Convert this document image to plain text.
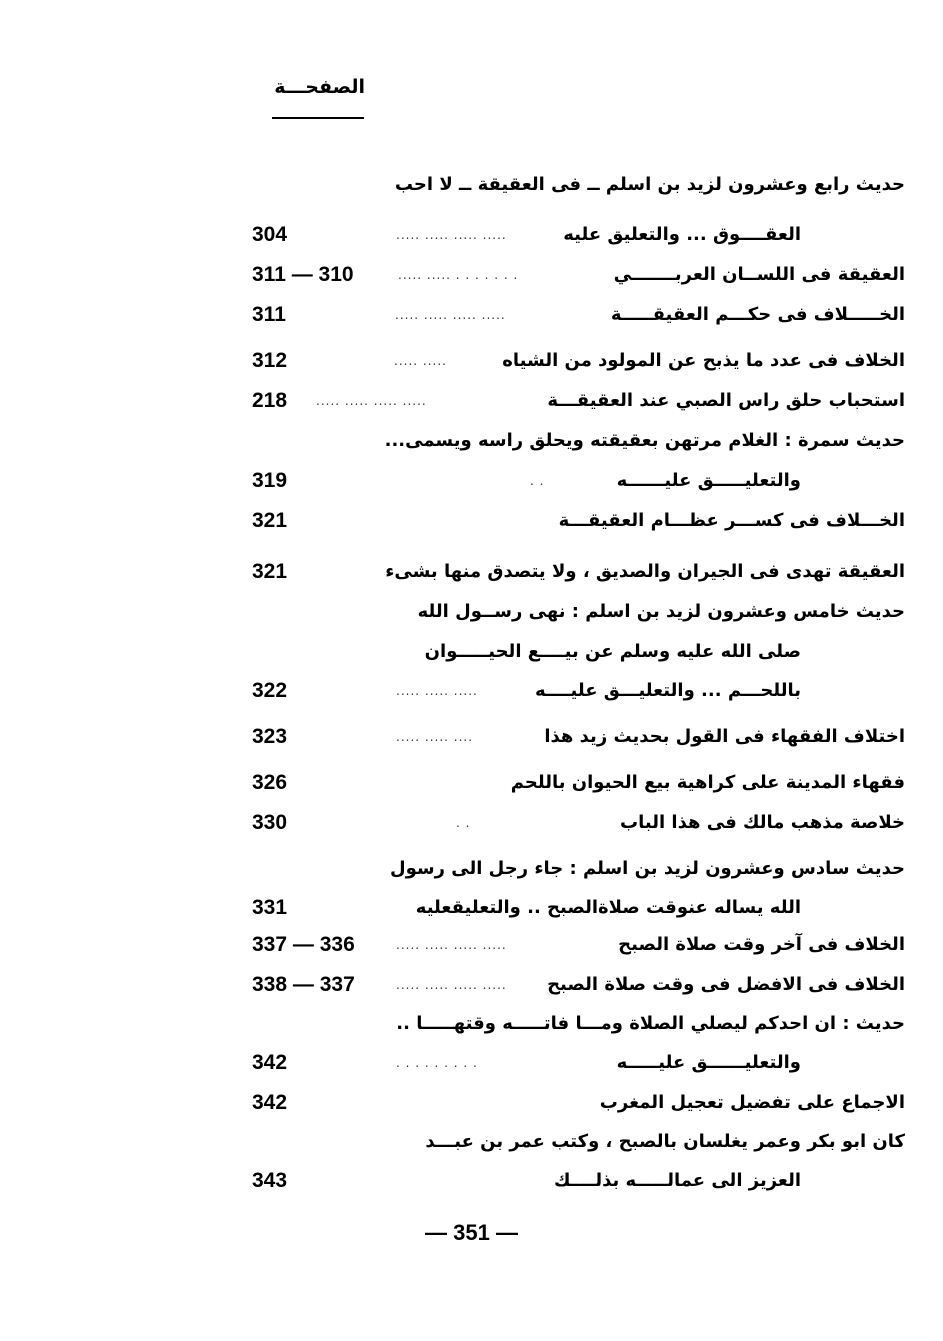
الصفحـــة
حديث رابع وعشرون لزيد بن اسلم ــ فى العقيقة ــ لا احب
العقــــوق ... والتعليق عليه
..... ..... ..... .....
304
العقيقة فى اللســان العربـــــــي
..... ..... . . . . . . .
311 — 310
الخـــــلاف فى حكـــم العقيقـــــة
..... ..... ..... .....
311
الخلاف فى عدد ما يذبح عن المولود من الشياه
..... .....
312
استحباب حلق راس الصبي عند العقيقـــة
..... ..... ..... .....
218
حديث سمرة : الغلام مرتهن بعقيقته ويحلق راسه ويسمى...
والتعليـــــق عليــــــه
. .
319
الخـــلاف فى كســـر عظـــام العقيقـــة
321
العقيقة تهدى فى الجيران والصديق ، ولا يتصدق منها بشىء
321
حديث خامس وعشرون لزيد بن اسلم : نهى رســول الله
صلى الله عليه وسلم عن بيــــع الحيـــــوان
باللحـــم ... والتعليـــق عليــــه
..... ..... .....
322
اختلاف الفقهاء فى القول بحديث زيد هذا
..... ..... ....
323
فقهاء المدينة على كراهية بيع الحيوان باللحم
326
خلاصة مذهب مالك فى هذا الباب
. .
330
حديث سادس وعشرون لزيد بن اسلم : جاء رجل الى رسول
الله يساله عنوقت صلاةالصبح .. والتعليقعليه
331
الخلاف فى آخر وقت صلاة الصبح
..... ..... ..... .....
337 — 336
الخلاف فى الافضل فى وقت صلاة الصبح
..... ..... ..... .....
338 — 337
حديث : ان احدكم ليصلي الصلاة ومـــا فاتـــــه وقتهـــــا ..
والتعليــــــق عليـــــه
. . . . . . . . .
342
الاجماع على تفضيل تعجيل المغرب
342
كان ابو بكر وعمر يغلسان بالصبح ، وكتب عمر بن عبـــد
العزيز الى عمالـــــه بذلــــك
343
— 351 —
